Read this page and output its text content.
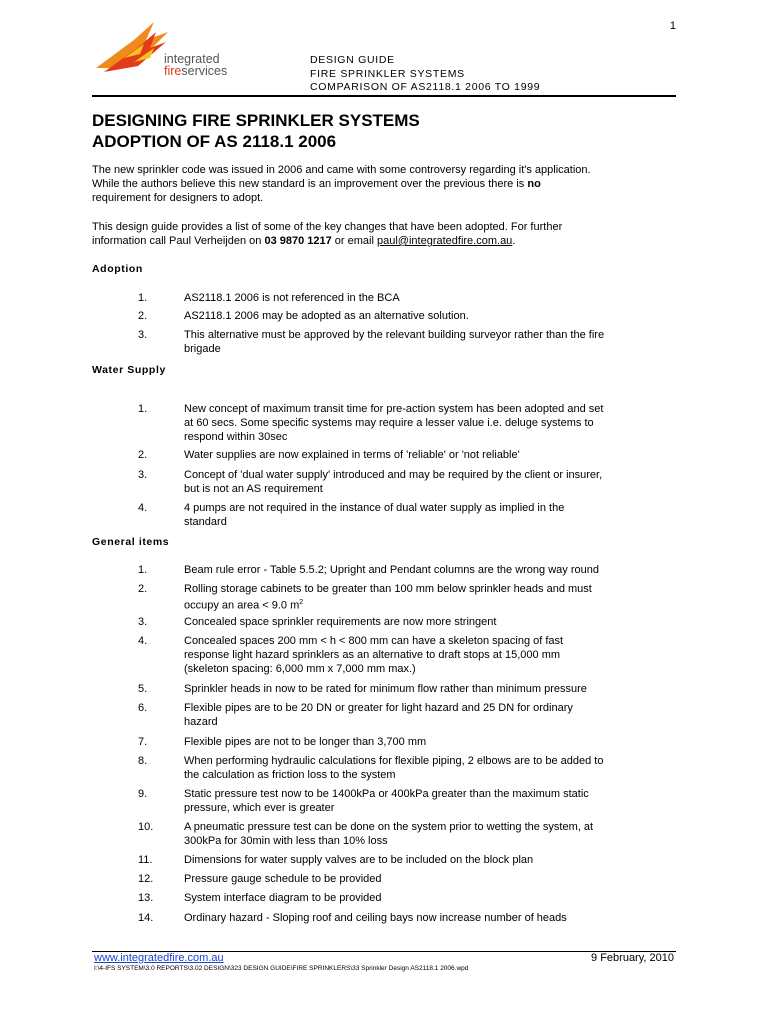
1
integrated
fireservices
DESIGN GUIDE
FIRE SPRINKLER SYSTEMS
COMPARISON OF AS2118.1 2006 TO 1999
DESIGNING FIRE SPRINKLER SYSTEMS
ADOPTION OF AS 2118.1 2006
The new sprinkler code was issued in 2006 and came with some controversy regarding it's application.
While the authors believe this new standard is an improvement over the previous there is no
requirement for designers to adopt.
This design guide provides a list of some of the key changes that have been adopted. For further
information call Paul Verheijden on 03 9870 1217 or email paul@integratedfire.com.au.
Adoption
1.	AS2118.1 2006 is not referenced in the BCA
2.	AS2118.1 2006 may be adopted as an alternative solution.
3.	This alternative must be approved by the relevant building surveyor rather than the fire
brigade
Water Supply
1.	New concept of maximum transit time for pre-action system has been adopted and set
at 60 secs. Some specific systems may require a lesser value i.e. deluge systems to
respond within 30sec
2.	Water supplies are now explained in terms of 'reliable' or 'not reliable'
3.	Concept of 'dual water supply' introduced and may be required by the client or insurer,
but is not an AS requirement
4.	4 pumps are not required in the instance of dual water supply as implied in the
standard
General items
1.	Beam rule error - Table 5.5.2; Upright and Pendant columns are the wrong way round
2.	Rolling storage cabinets to be greater than 100 mm below sprinkler heads and must
occupy an area < 9.0 $m^2$
3.	Concealed space sprinkler requirements are now more stringent
4.	Concealed spaces 200 mm < h < 800 mm can have a skeleton spacing of fast
response light hazard sprinklers as an alternative to draft stops at 15,000 mm
(skeleton spacing: 6,000 mm x 7,000 mm max.)
5.	Sprinkler heads in now to be rated for minimum flow rather than minimum pressure
6.	Flexible pipes are to be 20 DN or greater for light hazard and 25 DN for ordinary
hazard
7.	Flexible pipes are not to be longer than 3,700 mm
8.	When performing hydraulic calculations for flexible piping, 2 elbows are to be added to
the calculation as friction loss to the system
9.	Static pressure test now to be 1400kPa or 400kPa greater than the maximum static
pressure, which ever is greater
10.	A pneumatic pressure test can be done on the system prior to wetting the system, at
300kPa for 30min with less than 10% loss
11.	Dimensions for water supply valves are to be included on the block plan
12.	Pressure gauge schedule to be provided
13.	System interface diagram to be provided
14.	Ordinary hazard - Sloping roof and ceiling bays now increase number of heads
www.integratedfire.com.au	9 February, 2010
I:\4-IFS SYSTEM\3.0 REPORTS\3.02 DESIGN\323 DESIGN GUIDE\FIRE SPRINKLERS\33 Sprinkler Design AS2118.1 2006.wpd
